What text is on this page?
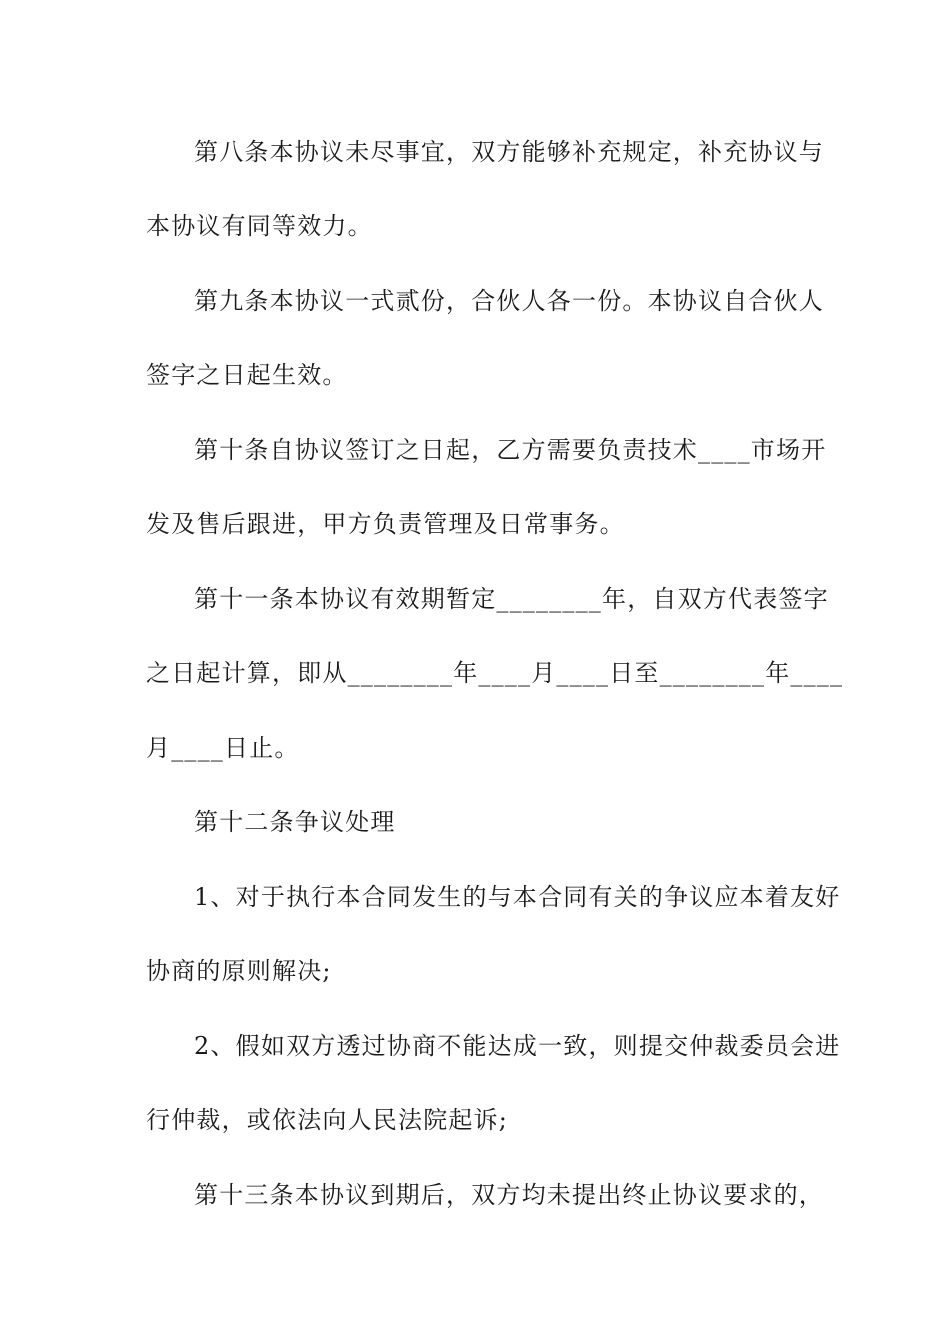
第八条本协议未尽事宜，双方能够补充规定，补充协议与
本协议有同等效力。
第九条本协议一式贰份，合伙人各一份。本协议自合伙人
签字之日起生效。
第十条自协议签订之日起，乙方需要负责技术____市场开
发及售后跟进，甲方负责管理及日常事务。
第十一条本协议有效期暂定________年，自双方代表签字
之日起计算，即从________年____月____日至________年____
月____日止。
第十二条争议处理
1、对于执行本合同发生的与本合同有关的争议应本着友好
协商的原则解决;
2、假如双方透过协商不能达成一致，则提交仲裁委员会进
行仲裁，或依法向人民法院起诉;
第十三条本协议到期后，双方均未提出终止协议要求的，
